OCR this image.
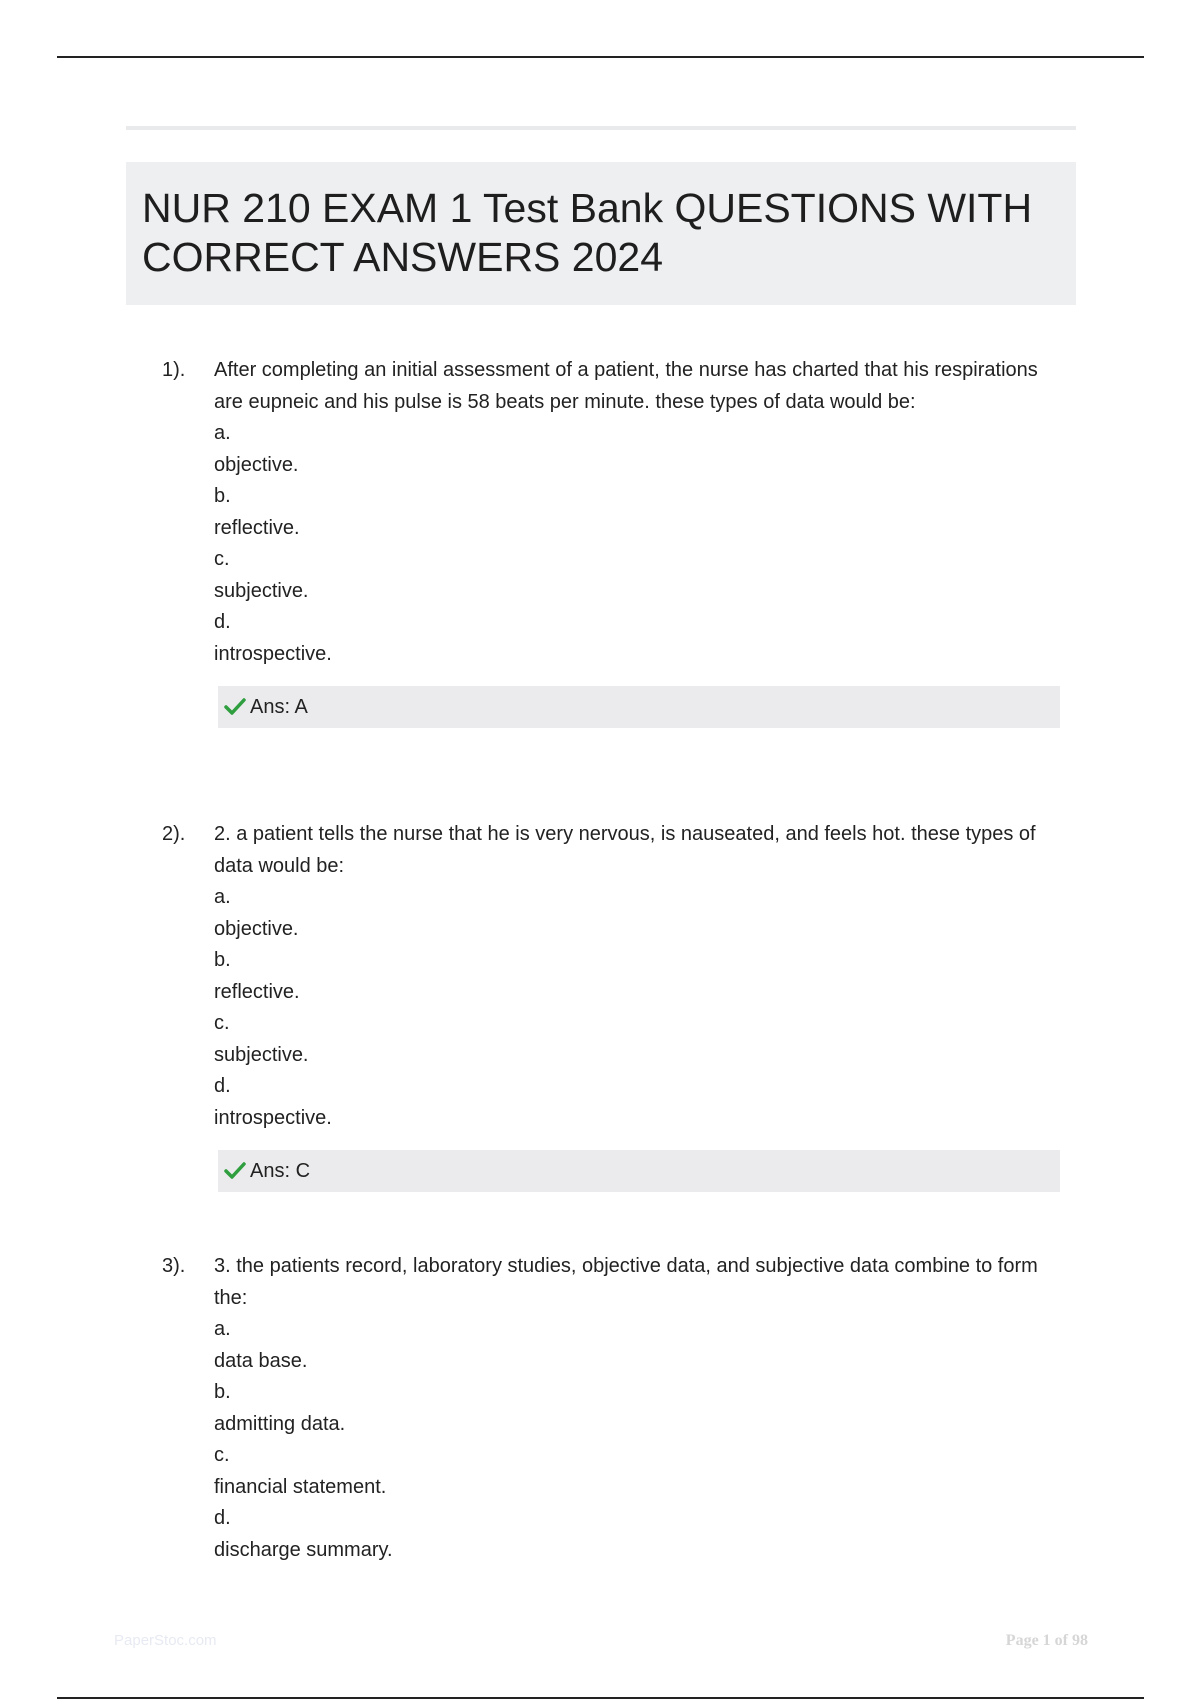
NUR 210 EXAM 1 Test Bank QUESTIONS WITH CORRECT ANSWERS 2024
1). After completing an initial assessment of a patient, the nurse has charted that his respirations are eupneic and his pulse is 58 beats per minute. these types of data would be:
a.
objective.
b.
reflective.
c.
subjective.
d.
introspective.
Ans: A
2). 2. a patient tells the nurse that he is very nervous, is nauseated, and feels hot. these types of data would be:
a.
objective.
b.
reflective.
c.
subjective.
d.
introspective.
Ans: C
3). 3. the patients record, laboratory studies, objective data, and subjective data combine to form the:
a.
data base.
b.
admitting data.
c.
financial statement.
d.
discharge summary.
PaperStoc.com	Page 1 of 98
